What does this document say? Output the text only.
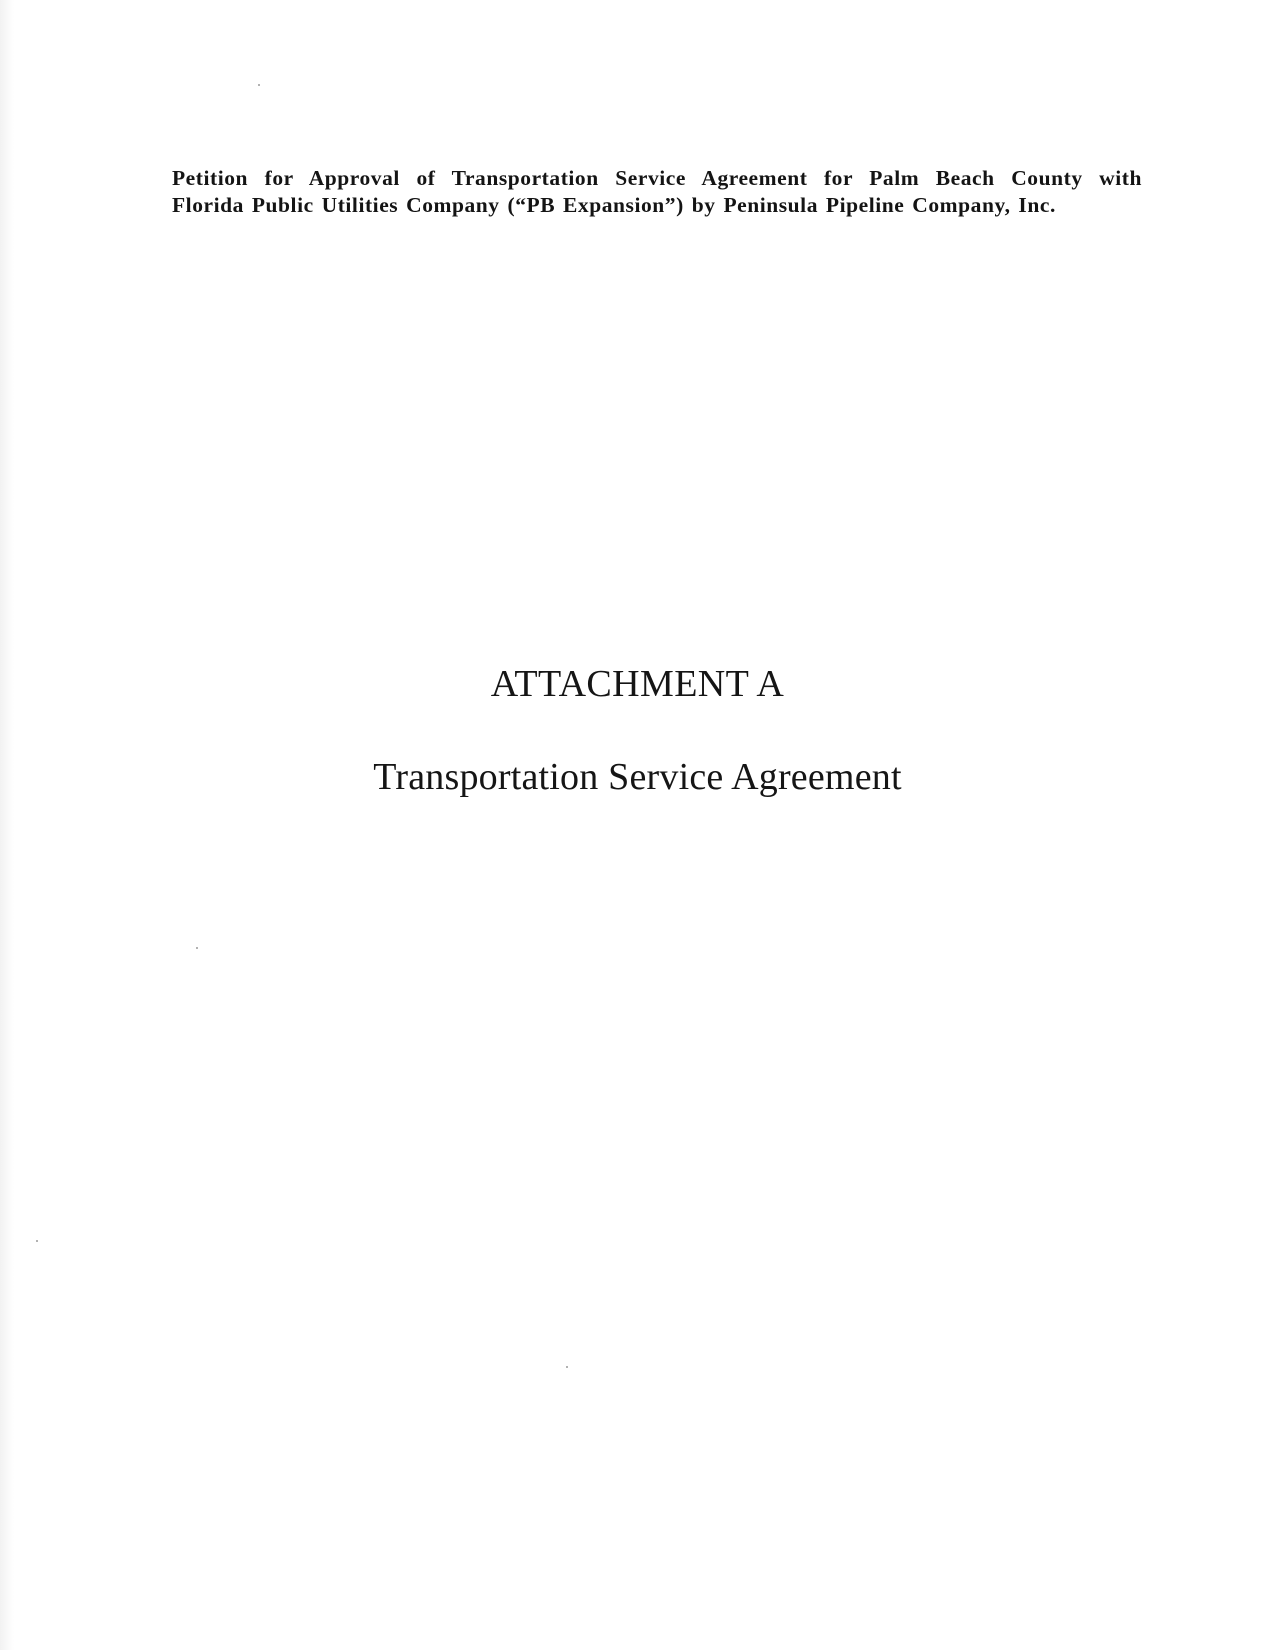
Petition for Approval of Transportation Service Agreement for Palm Beach County with
Florida Public Utilities Company (“PB Expansion”) by Peninsula Pipeline Company, Inc.
ATTACHMENT A
Transportation Service Agreement
